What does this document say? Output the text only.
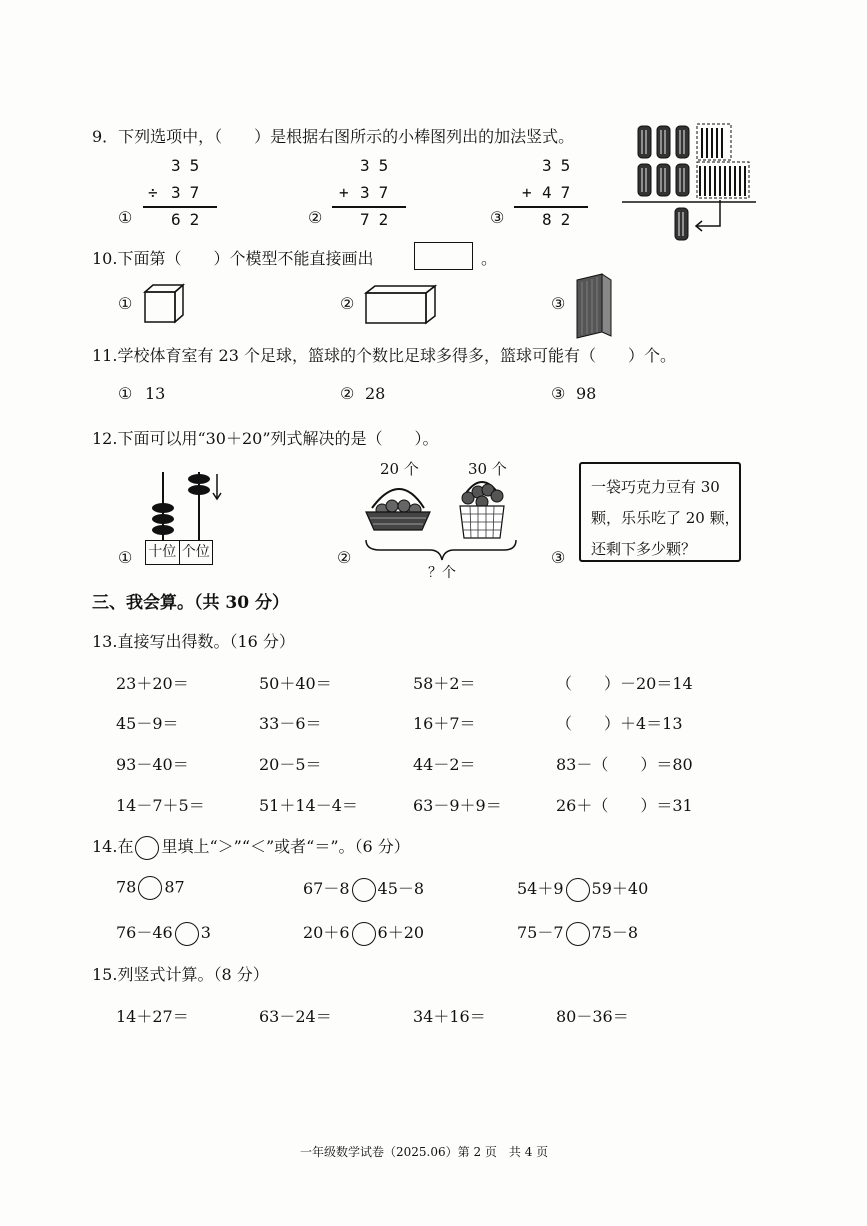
9．下列选项中，（　　）是根据右图所示的小棒图列出的加法竖式。
35
÷ 37
① 62
35
+ 37
② 72
35
+ 47
③ 82
10.下面第（　　）个模型不能直接画出	。
①	②	③
11.学校体育室有 23 个足球，篮球的个数比足球多得多，篮球可能有（　　）个。
① 13	② 28	③ 98
12.下面可以用“30＋20”列式解决的是（　　）。
① 十位 个位	②
20 个	30 个
？个
③
一袋巧克力豆有 30
颗，乐乐吃了 20 颗，
还剩下多少颗？
三、我会算。（共 30 分）
13.直接写出得数。（16 分）
23＋20＝	50＋40＝	58＋2＝	（　　）－20＝14
45－9＝	33－6＝	16＋7＝	（　　）＋4＝13
93－40＝	20－5＝	44－2＝	83－（　　）＝80
14－7＋5＝	51＋14－4＝	63－9＋9＝	26＋（　　）＝31
14.在 里填上“＞”“＜”或者“＝”。（6 分）
78 87	67－8 45－8	54＋9 59＋40
76－46 3	20＋6 6＋20	75－7 75－8
15.列竖式计算。（8 分）
14＋27＝	63－24＝	34＋16＝	80－36＝
一年级数学试卷（2025.06）第 2 页　共 4 页
